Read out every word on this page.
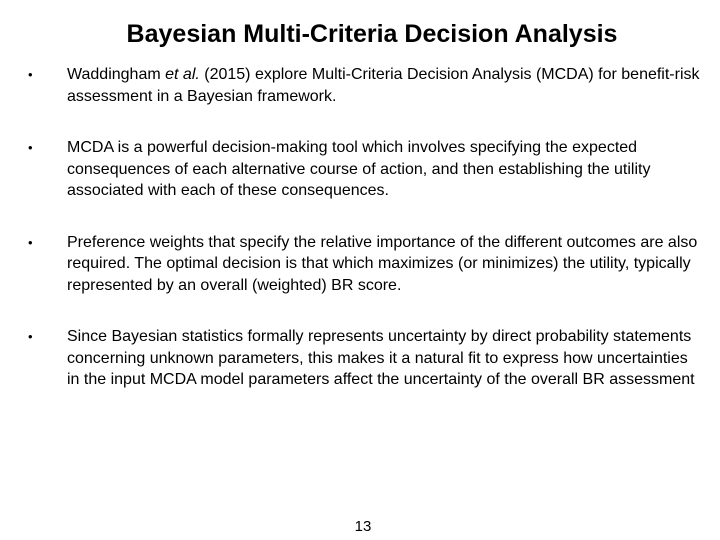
Bayesian Multi-Criteria Decision Analysis
•	Waddingham et al. (2015) explore Multi-Criteria Decision Analysis (MCDA) for benefit-risk assessment in a Bayesian framework.
•	MCDA is a powerful decision-making tool which involves specifying the expected consequences of each alternative course of action, and then establishing the utility associated with each of these consequences.
•	Preference weights that specify the relative importance of the different outcomes are also required. The optimal decision is that which maximizes (or minimizes) the utility, typically represented by an overall (weighted) BR score.
•	Since Bayesian statistics formally represents uncertainty by direct probability statements concerning unknown parameters, this makes it a natural fit to express how uncertainties in the input MCDA model parameters affect the uncertainty of the overall BR assessment
13
